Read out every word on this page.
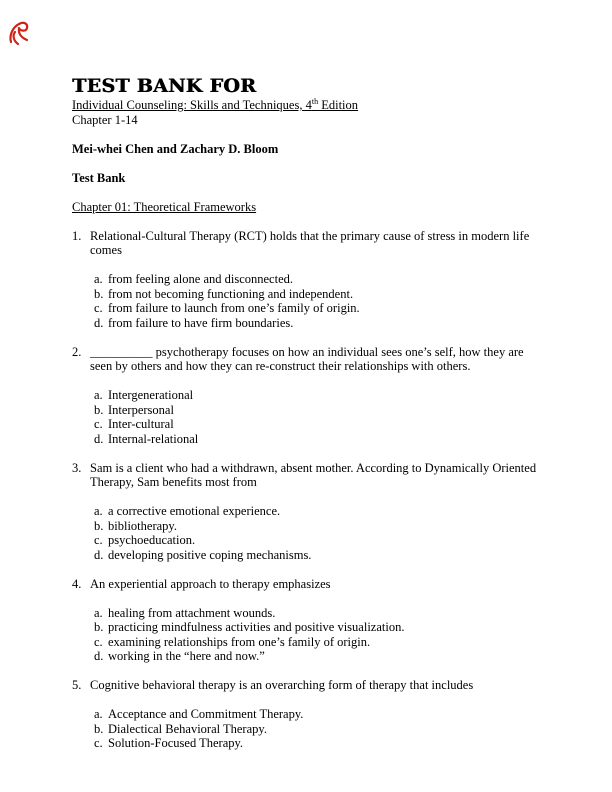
TEST BANK FOR
Individual Counseling: Skills and Techniques, 4th Edition
Chapter 1-14
Mei-whei Chen and Zachary D. Bloom
Test Bank
Chapter 01: Theoretical Frameworks
1. Relational-Cultural Therapy (RCT) holds that the primary cause of stress in modern life comes
a. from feeling alone and disconnected.
b. from not becoming functioning and independent.
c. from failure to launch from one’s family of origin.
d. from failure to have firm boundaries.
2. __________ psychotherapy focuses on how an individual sees one’s self, how they are seen by others and how they can re-construct their relationships with others.
a. Intergenerational
b. Interpersonal
c. Inter-cultural
d. Internal-relational
3. Sam is a client who had a withdrawn, absent mother. According to Dynamically Oriented Therapy, Sam benefits most from
a. a corrective emotional experience.
b. bibliotherapy.
c. psychoeducation.
d. developing positive coping mechanisms.
4. An experiential approach to therapy emphasizes
a. healing from attachment wounds.
b. practicing mindfulness activities and positive visualization.
c. examining relationships from one’s family of origin.
d. working in the “here and now.”
5. Cognitive behavioral therapy is an overarching form of therapy that includes
a. Acceptance and Commitment Therapy.
b. Dialectical Behavioral Therapy.
c. Solution-Focused Therapy.
